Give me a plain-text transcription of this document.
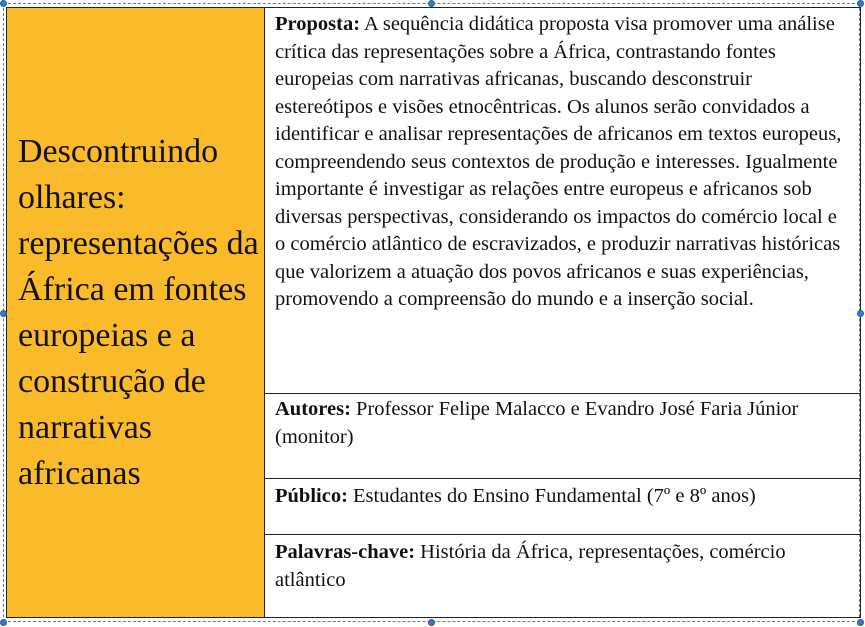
Descontruindo olhares: representações da África em fontes europeias e a construção de narrativas africanas
Proposta: A sequência didática proposta visa promover uma análise crítica das representações sobre a África, contrastando fontes europeias com narrativas africanas, buscando desconstruir estereótipos e visões etnocêntricas. Os alunos serão convidados a identificar e analisar representações de africanos em textos europeus, compreendendo seus contextos de produção e interesses. Igualmente importante é investigar as relações entre europeus e africanos sob diversas perspectivas, considerando os impactos do comércio local e o comércio atlântico de escravizados, e produzir narrativas históricas que valorizem a atuação dos povos africanos e suas experiências, promovendo a compreensão do mundo e a inserção social.
Autores: Professor Felipe Malacco e Evandro José Faria Júnior (monitor)
Público: Estudantes do Ensino Fundamental (7º e 8º anos)
Palavras-chave: História da África, representações, comércio atlântico
